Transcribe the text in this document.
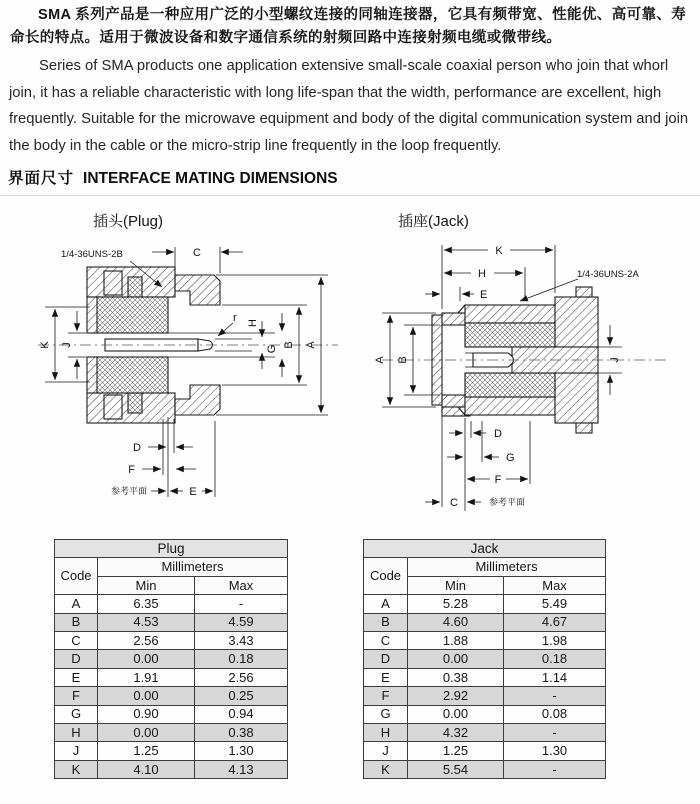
SMA 系列产品是一种应用广泛的小型螺纹连接的同轴连接器，它具有频带宽、性能优、高可靠、寿命长的特点。适用于微波设备和数字通信系统的射频回路中连接射频电缆或微带线。

Series of SMA products one application extensive small-scale coaxial person who join that whorl join, it has a reliable characteristic with long life-span that the width, performance are excellent, high frequently. Suitable for the microwave equipment and body of the digital communication system and join the body in the cable or the micro-strip line frequently in the loop frequently.

界面尺寸 INTERFACE MATING DIMENSIONS
插头(Plug)	插座(Jack)
1/4-36UNS-2B	C
A
B
G
H
r
K J
D
F
E
参考平面
K
H
E
1/4-36UNS-2A
A B	J
D
G
F
C	参考平面
Plug		
Code	Millimeters	
	Min	Max
A	6.35	-
B	4.53	4.59
C	2.56	3.43
D	0.00	0.18
E	1.91	2.56
F	0.00	0.25
G	0.90	0.94
H	0.00	0.38
J	1.25	1.30
K	4.10	4.13
Jack		
Code	Millimeters	
	Min	Max
A	5.28	5.49
B	4.60	4.67
C	1.88	1.98
D	0.00	0.18
E	0.38	1.14
F	2.92	-
G	0.00	0.08
H	4.32	-
J	1.25	1.30
K	5.54	-
